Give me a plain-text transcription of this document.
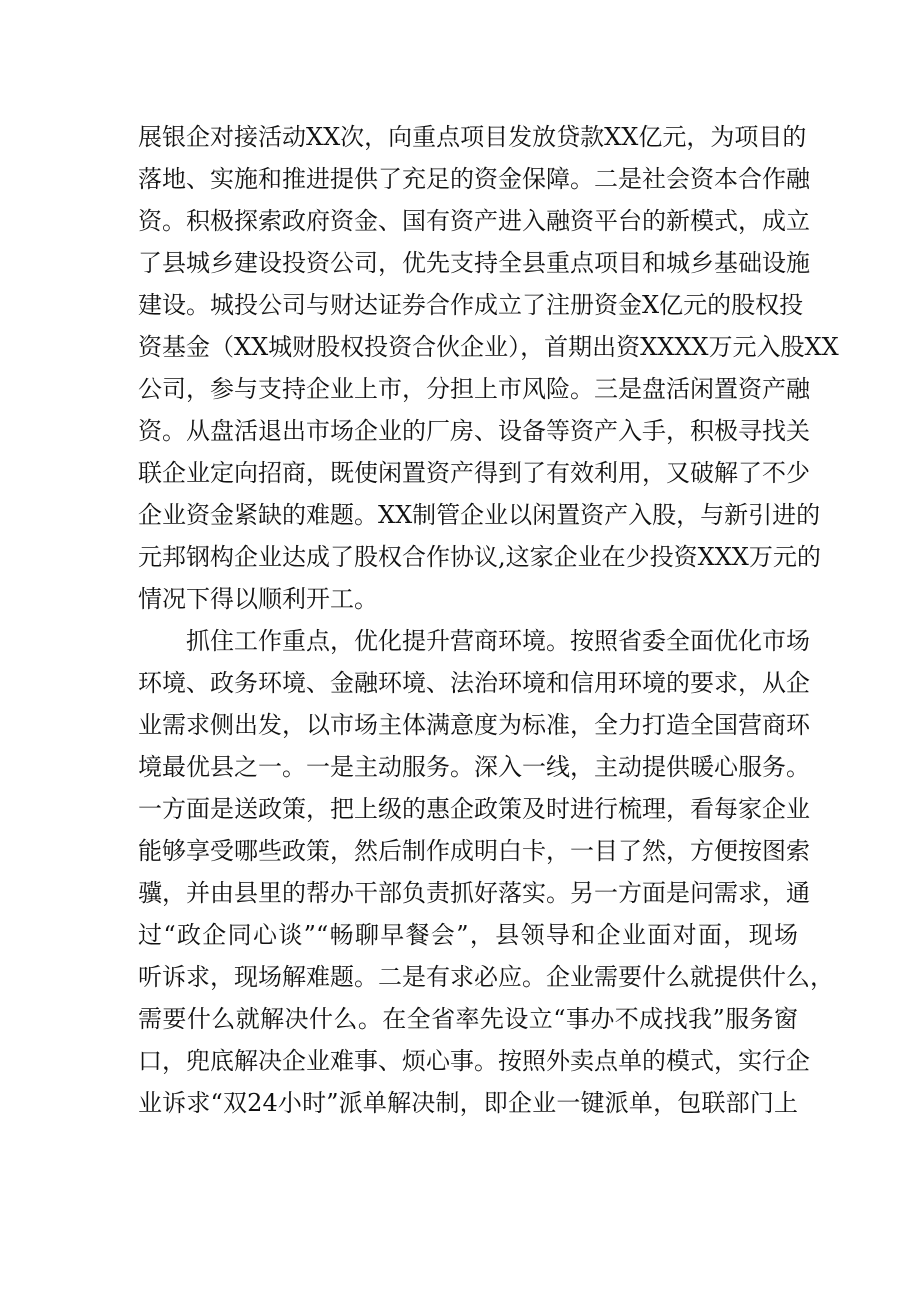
展银企对接活动XX次，向重点项目发放贷款XX亿元，为项目的
落地、实施和推进提供了充足的资金保障。二是社会资本合作融
资。积极探索政府资金、国有资产进入融资平台的新模式，成立
了县城乡建设投资公司，优先支持全县重点项目和城乡基础设施
建设。城投公司与财达证券合作成立了注册资金X亿元的股权投
资基金（XX城财股权投资合伙企业），首期出资XXXX万元入股XX
公司，参与支持企业上市，分担上市风险。三是盘活闲置资产融
资。从盘活退出市场企业的厂房、设备等资产入手，积极寻找关
联企业定向招商，既使闲置资产得到了有效利用，又破解了不少
企业资金紧缺的难题。XX制管企业以闲置资产入股，与新引进的
元邦钢构企业达成了股权合作协议,这家企业在少投资XXX万元的
情况下得以顺利开工。
抓住工作重点，优化提升营商环境。按照省委全面优化市场
环境、政务环境、金融环境、法治环境和信用环境的要求，从企
业需求侧出发，以市场主体满意度为标准，全力打造全国营商环
境最优县之一。一是主动服务。深入一线，主动提供暖心服务。
一方面是送政策，把上级的惠企政策及时进行梳理，看每家企业
能够享受哪些政策，然后制作成明白卡，一目了然，方便按图索
骥，并由县里的帮办干部负责抓好落实。另一方面是问需求，通
过“政企同心谈”“畅聊早餐会”，县领导和企业面对面，现场
听诉求，现场解难题。二是有求必应。企业需要什么就提供什么，
需要什么就解决什么。在全省率先设立“事办不成找我”服务窗
口，兜底解决企业难事、烦心事。按照外卖点单的模式，实行企
业诉求“双24小时”派单解决制，即企业一键派单，包联部门上
